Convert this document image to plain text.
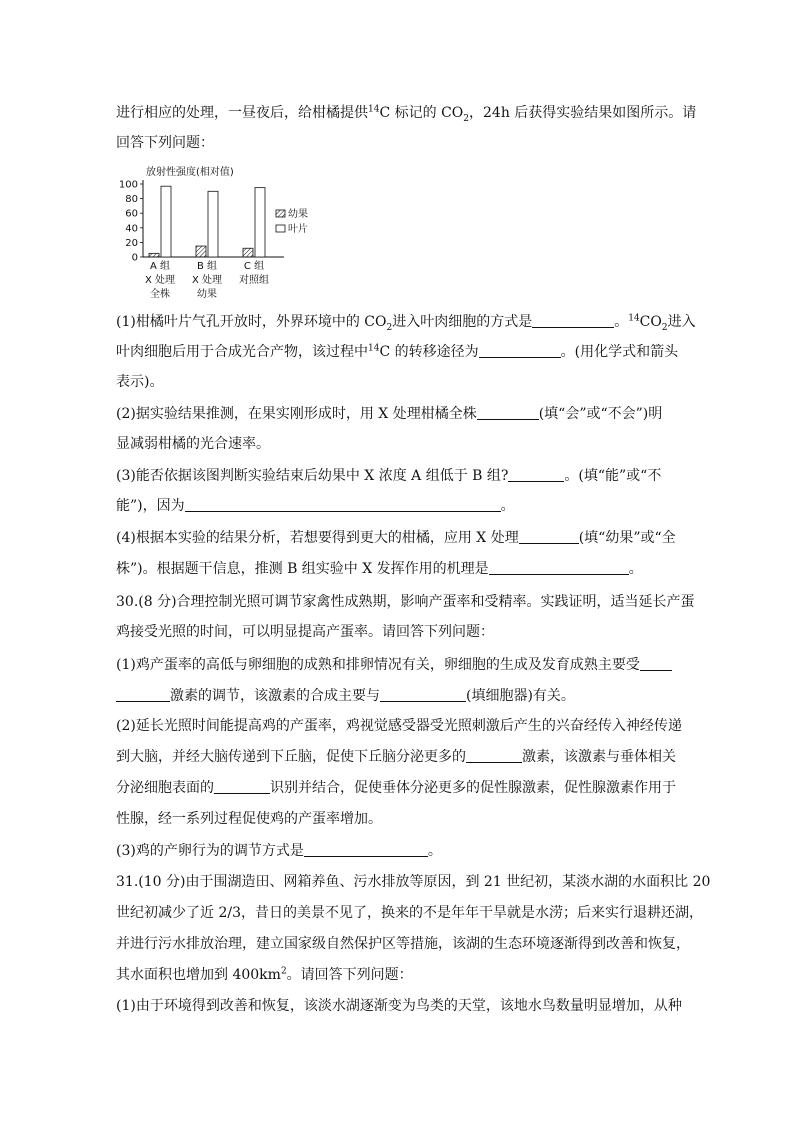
进行相应的处理，一昼夜后，给柑橘提供$^{14}$C 标记的 $CO_2$，24h 后获得实验结果如图所示。请
回答下列问题：
放射性强度(相对值)
100
80
60
40
20
0
A 组
X 处理
全株
B 组
X 处理
幼果
C 组
对照组
幼果
叶片
(1)柑橘叶片气孔开放时，外界环境中的 $CO_2$进入叶肉细胞的方式是	。$^{14}CO_2$进入
叶肉细胞后用于合成光合产物，该过程中$^{14}$C 的转移途径为	。(用化学式和箭头
表示)。
(2)据实验结果推测，在果实刚形成时，用 X 处理柑橘全株	(填“会”或“不会”)明
显减弱柑橘的光合速率。
(3)能否依据该图判断实验结束后幼果中 X 浓度 A 组低于 B 组?	。(填“能”或“不
能”)，因为	。
(4)根据本实验的结果分析，若想要得到更大的柑橘，应用 X 处理	(填“幼果”或“全
株”)。根据题干信息，推测 B 组实验中 X 发挥作用的机理是	。
30.(8 分)合理控制光照可调节家禽性成熟期，影响产蛋率和受精率。实践证明，适当延长产蛋
鸡接受光照的时间，可以明显提高产蛋率。请回答下列问题：
(1)鸡产蛋率的高低与卵细胞的成熟和排卵情况有关，卵细胞的生成及发育成熟主要受
激素的调节，该激素的合成主要与	(填细胞器)有关。
(2)延长光照时间能提高鸡的产蛋率，鸡视觉感受器受光照刺激后产生的兴奋经传入神经传递
到大脑，并经大脑传递到下丘脑，促使下丘脑分泌更多的	激素，该激素与垂体相关
分泌细胞表面的	识别并结合，促使垂体分泌更多的促性腺激素，促性腺激素作用于
性腺，经一系列过程促使鸡的产蛋率增加。
(3)鸡的产卵行为的调节方式是	。
31.(10 分)由于围湖造田、网箱养鱼、污水排放等原因，到 21 世纪初，某淡水湖的水面积比 20
世纪初减少了近 2/3，昔日的美景不见了，换来的不是年年干旱就是水涝；后来实行退耕还湖，
并进行污水排放治理，建立国家级自然保护区等措施，该湖的生态环境逐渐得到改善和恢复，
其水面积也增加到 $400km^2$。请回答下列问题：
(1)由于环境得到改善和恢复，该淡水湖逐渐变为鸟类的天堂，该地水鸟数量明显增加，从种
